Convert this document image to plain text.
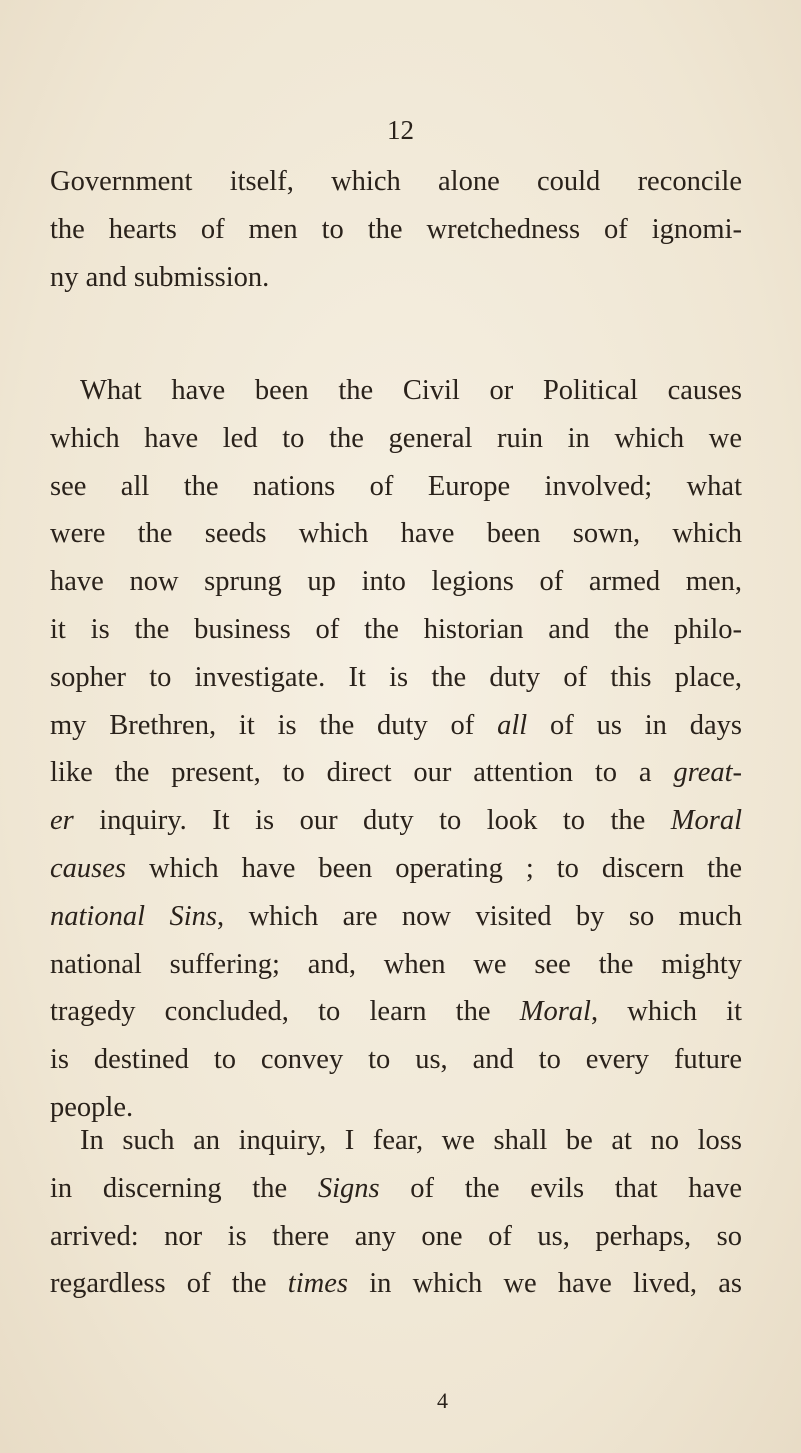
12
Government itself, which alone could reconcile
the hearts of men to the wretchedness of ignomi-
ny and submission.
What have been the Civil or Political causes
which have led to the general ruin in which we
see all the nations of Europe involved; what
were the seeds which have been sown, which
have now sprung up into legions of armed men,
it is the business of the historian and the philo-
sopher to investigate. It is the duty of this place,
my Brethren, it is the duty of all of us in days
like the present, to direct our attention to a great-
er inquiry. It is our duty to look to the Moral
causes which have been operating ; to discern the
national Sins, which are now visited by so much
national suffering; and, when we see the mighty
tragedy concluded, to learn the Moral, which it
is destined to convey to us, and to every future
people.
In such an inquiry, I fear, we shall be at no loss
in discerning the Signs of the evils that have
arrived: nor is there any one of us, perhaps, so
regardless of the times in which we have lived, as
4
